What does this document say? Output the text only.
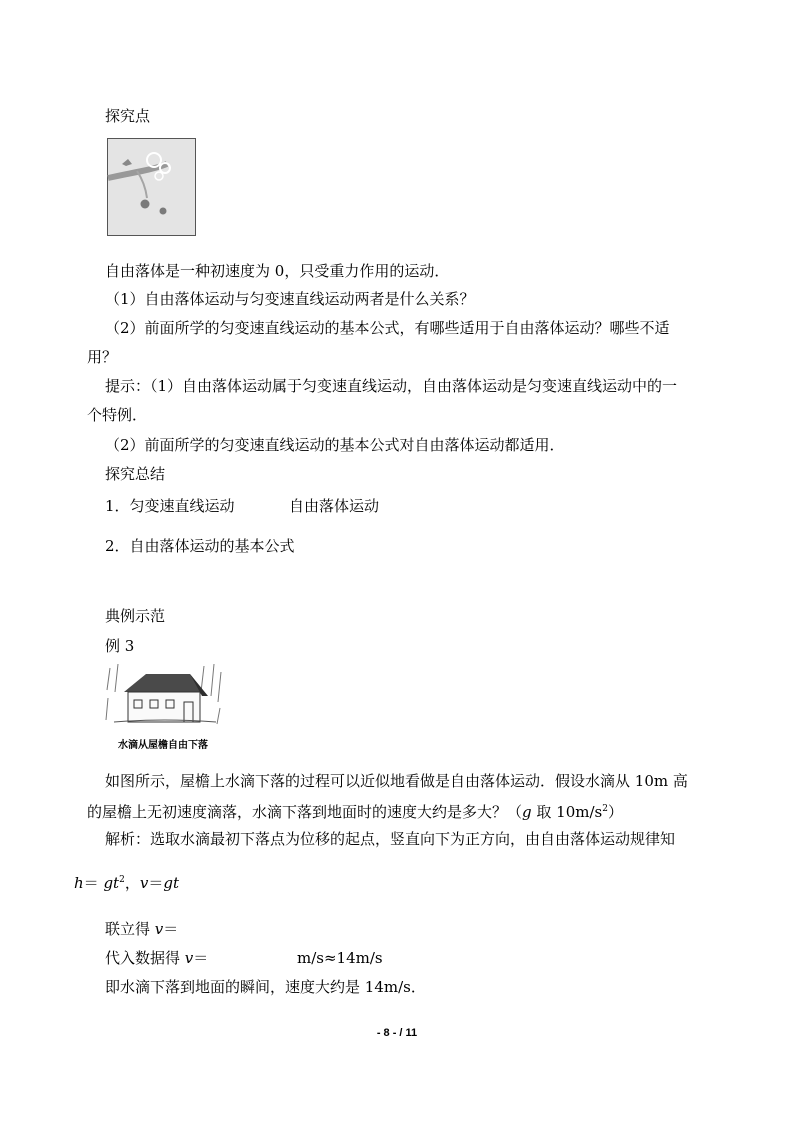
探究点
自由落体是一种初速度为 0，只受重力作用的运动．
（1）自由落体运动与匀变速直线运动两者是什么关系？
（2）前面所学的匀变速直线运动的基本公式，有哪些适用于自由落体运动？哪些不适
用？
提示：（1）自由落体运动属于匀变速直线运动，自由落体运动是匀变速直线运动中的一
个特例．
（2）前面所学的匀变速直线运动的基本公式对自由落体运动都适用．
探究总结
1．匀变速直线运动	自由落体运动
2．自由落体运动的基本公式
典例示范
例 3
水滴从屋檐自由下落
如图所示，屋檐上水滴下落的过程可以近似地看做是自由落体运动．假设水滴从 10m 高
的屋檐上无初速度滴落，水滴下落到地面时的速度大约是多大？（g 取 $10m/s^2$）
解析：选取水滴最初下落点为位移的起点，竖直向下为正方向，由自由落体运动规律知
$h= gt^2$，v＝gt
联立得 v＝
代入数据得 v＝	m/s≈14m/s
即水滴下落到地面的瞬间，速度大约是 14m/s．
- 8 - / 11
